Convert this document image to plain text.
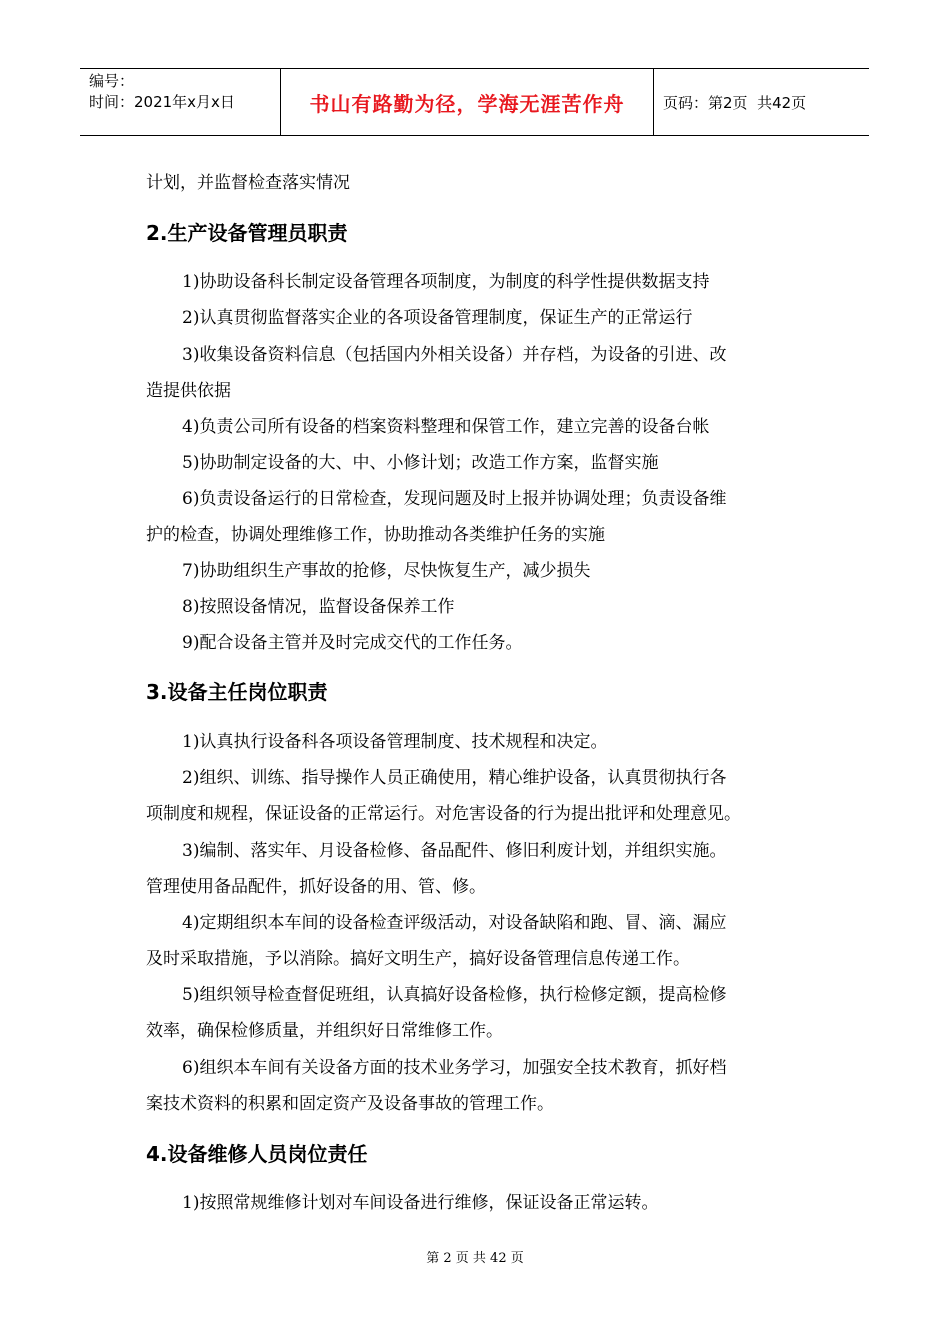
编号：
时间：2021年x月x日	书山有路勤为径，学海无涯苦作舟	页码：第2页  共42页
计划，并监督检查落实情况
2.生产设备管理员职责
1)协助设备科长制定设备管理各项制度，为制度的科学性提供数据支持
2)认真贯彻监督落实企业的各项设备管理制度，保证生产的正常运行
3)收集设备资料信息（包括国内外相关设备）并存档，为设备的引进、改
造提供依据
4)负责公司所有设备的档案资料整理和保管工作，建立完善的设备台帐
5)协助制定设备的大、中、小修计划；改造工作方案，监督实施
6)负责设备运行的日常检查，发现问题及时上报并协调处理；负责设备维
护的检查，协调处理维修工作，协助推动各类维护任务的实施
7)协助组织生产事故的抢修，尽快恢复生产，减少损失
8)按照设备情况，监督设备保养工作
9)配合设备主管并及时完成交代的工作任务。
3.设备主任岗位职责
1)认真执行设备科各项设备管理制度、技术规程和决定。
2)组织、训练、指导操作人员正确使用，精心维护设备，认真贯彻执行各
项制度和规程，保证设备的正常运行。对危害设备的行为提出批评和处理意见。
3)编制、落实年、月设备检修、备品配件、修旧利废计划，并组织实施。
管理使用备品配件，抓好设备的用、管、修。
4)定期组织本车间的设备检查评级活动，对设备缺陷和跑、冒、滴、漏应
及时采取措施，予以消除。搞好文明生产，搞好设备管理信息传递工作。
5)组织领导检查督促班组，认真搞好设备检修，执行检修定额，提高检修
效率，确保检修质量，并组织好日常维修工作。
6)组织本车间有关设备方面的技术业务学习，加强安全技术教育，抓好档
案技术资料的积累和固定资产及设备事故的管理工作。
4.设备维修人员岗位责任
1)按照常规维修计划对车间设备进行维修，保证设备正常运转。
第 2 页 共 42 页
